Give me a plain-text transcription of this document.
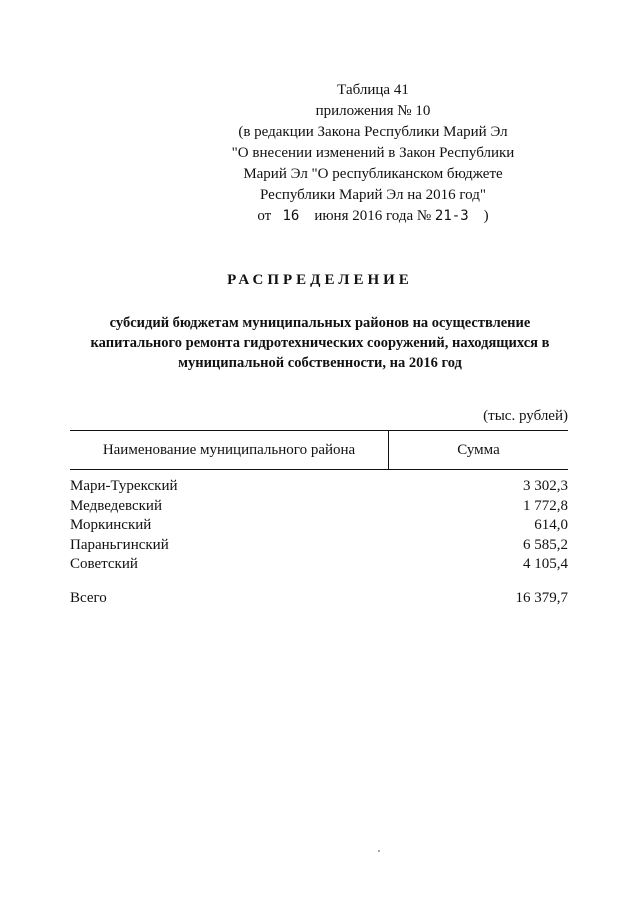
Таблица 41
приложения № 10
(в редакции Закона Республики Марий Эл
"О внесении изменений в Закон Республики
Марий Эл "О республиканском бюджете
Республики Марий Эл на 2016 год"
от 16 июня 2016 года № 21-З )
РАСПРЕДЕЛЕНИЕ
субсидий бюджетам муниципальных районов на осуществление капитального ремонта гидротехнических сооружений, находящихся в муниципальной собственности, на 2016 год
(тыс. рублей)
Наименование муниципального района	Сумма
Мари-Турекский	3 302,3
Медведевский	1 772,8
Моркинский	614,0
Параньгинский	6 585,2
Советский	4 105,4
Всего	16 379,7
